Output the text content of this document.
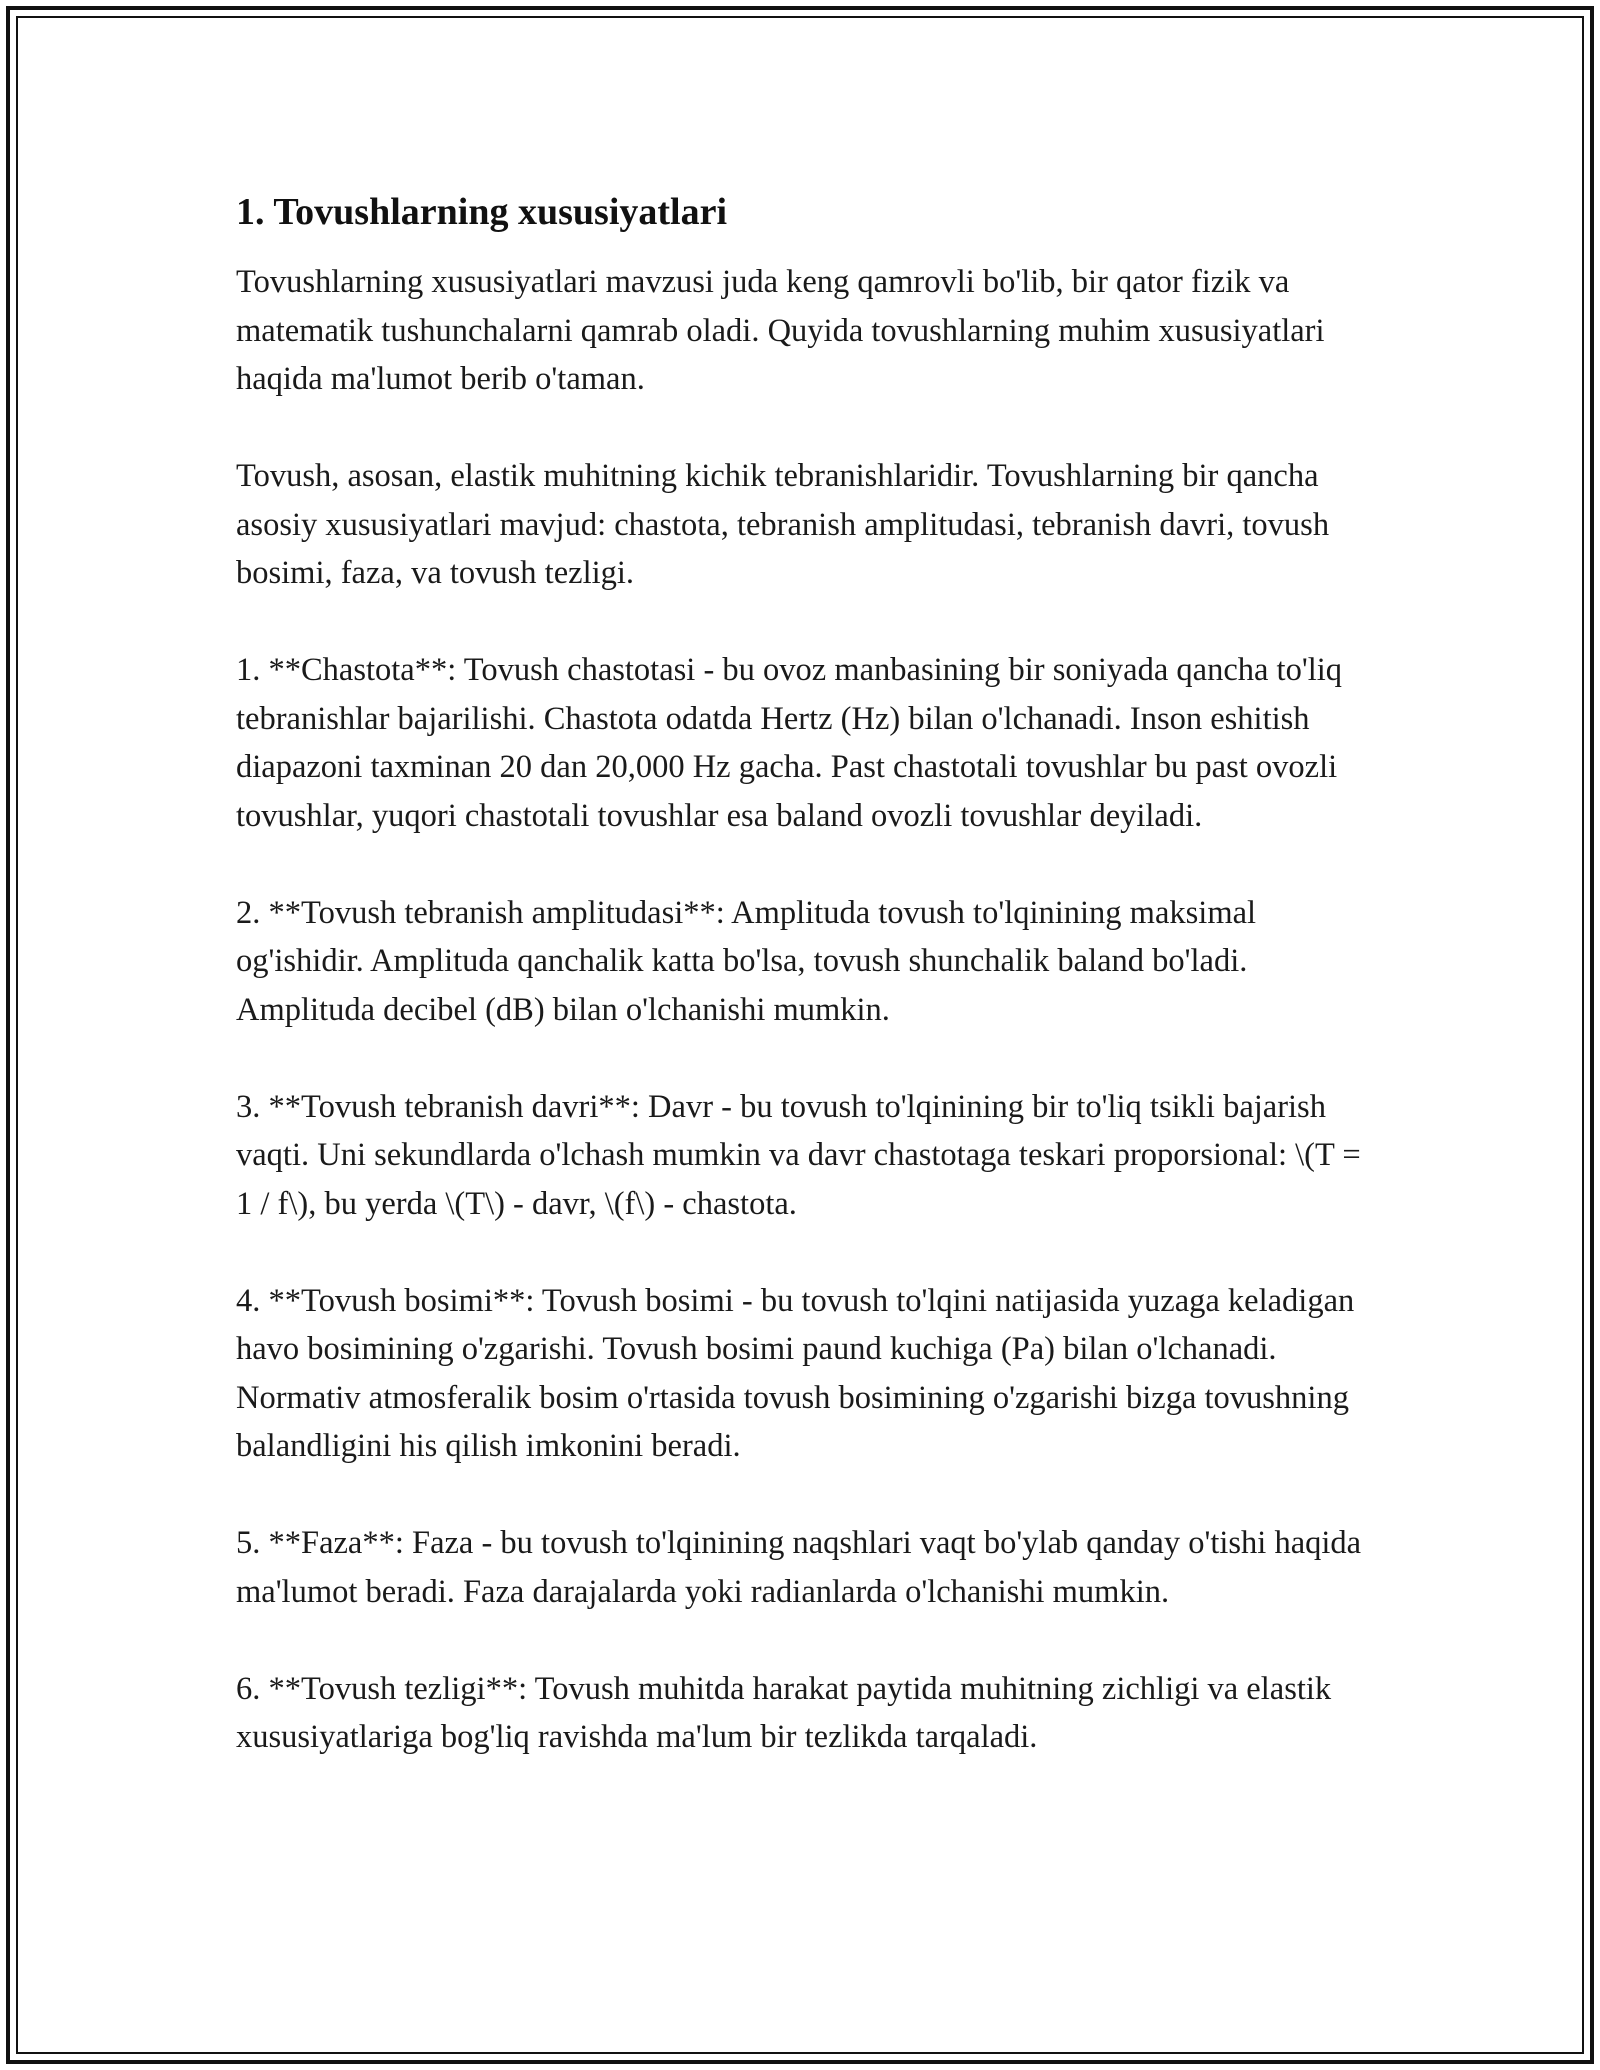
1. Tovushlarning xususiyatlari

Tovushlarning xususiyatlari mavzusi juda keng qamrovli bo'lib, bir qator fizik va matematik tushunchalarni qamrab oladi. Quyida tovushlarning muhim xususiyatlari haqida ma'lumot berib o'taman.

Tovush, asosan, elastik muhitning kichik tebranishlaridir. Tovushlarning bir qancha asosiy xususiyatlari mavjud: chastota, tebranish amplitudasi, tebranish davri, tovush bosimi, faza, va tovush tezligi.

1. **Chastota**: Tovush chastotasi - bu ovoz manbasining bir soniyada qancha to'liq tebranishlar bajarilishi. Chastota odatda Hertz (Hz) bilan o'lchanadi. Inson eshitish diapazoni taxminan 20 dan 20,000 Hz gacha. Past chastotali tovushlar bu past ovozli tovushlar, yuqori chastotali tovushlar esa baland ovozli tovushlar deyiladi.

2. **Tovush tebranish amplitudasi**: Amplituda tovush to'lqinining maksimal og'ishidir. Amplituda qanchalik katta bo'lsa, tovush shunchalik baland bo'ladi. Amplituda decibel (dB) bilan o'lchanishi mumkin.

3. **Tovush tebranish davri**: Davr - bu tovush to'lqinining bir to'liq tsikli bajarish vaqti. Uni sekundlarda o'lchash mumkin va davr chastotaga teskari proporsional: \(T = 1 / f\), bu yerda \(T\) - davr, \(f\) - chastota.

4. **Tovush bosimi**: Tovush bosimi - bu tovush to'lqini natijasida yuzaga keladigan havo bosimining o'zgarishi. Tovush bosimi paund kuchiga (Pa) bilan o'lchanadi. Normativ atmosferalik bosim o'rtasida tovush bosimining o'zgarishi bizga tovushning balandligini his qilish imkonini beradi.

5. **Faza**: Faza - bu tovush to'lqinining naqshlari vaqt bo'ylab qanday o'tishi haqida ma'lumot beradi. Faza darajalarda yoki radianlarda o'lchanishi mumkin.

6. **Tovush tezligi**: Tovush muhitda harakat paytida muhitning zichligi va elastik xususiyatlariga bog'liq ravishda ma'lum bir tezlikda tarqaladi.
